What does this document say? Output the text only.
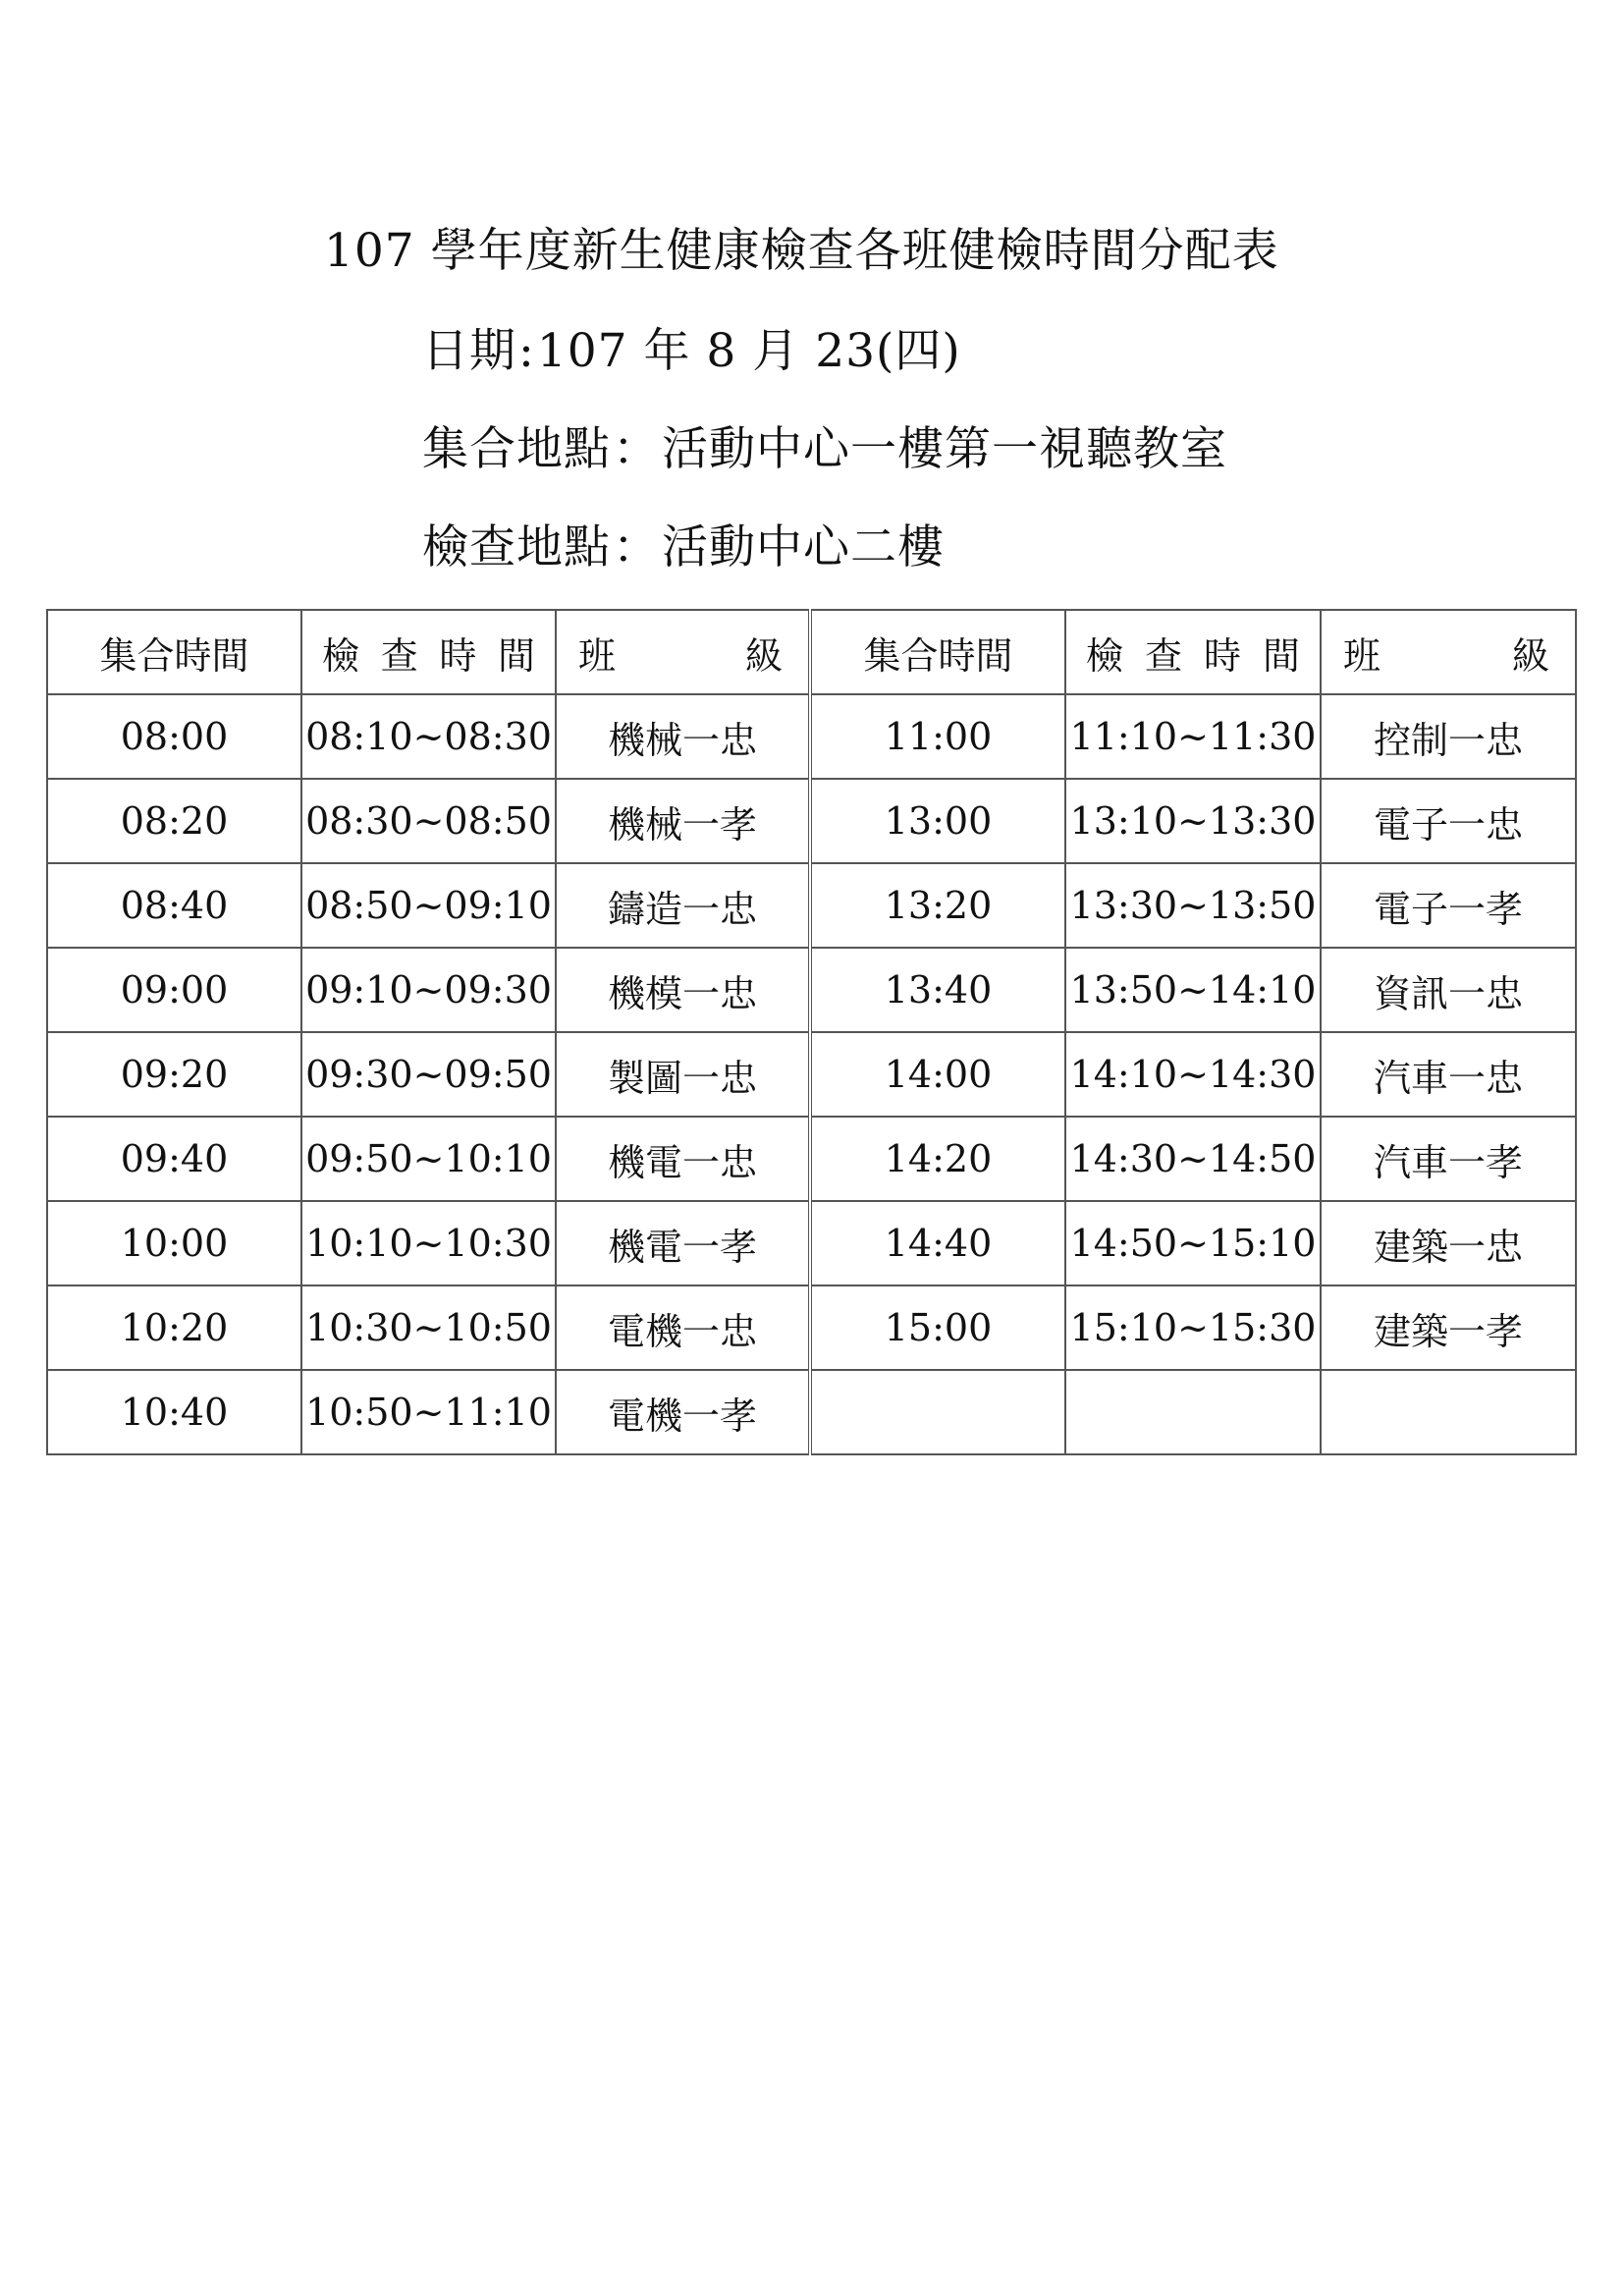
107 學年度新生健康檢查各班健檢時間分配表
日期:107 年 8 月 23(四)
集合地點：活動中心一樓第一視聽教室
檢查地點：活動中心二樓
集合時間	檢 查 時 間	班 級	集合時間	檢 查 時 間	班 級

08:00	08:10~08:30	機械一忠	11:00	11:10~11:30	控制一忠
08:20	08:30~08:50	機械一孝	13:00	13:10~13:30	電子一忠
08:40	08:50~09:10	鑄造一忠	13:20	13:30~13:50	電子一孝
09:00	09:10~09:30	機模一忠	13:40	13:50~14:10	資訊一忠
09:20	09:30~09:50	製圖一忠	14:00	14:10~14:30	汽車一忠
09:40	09:50~10:10	機電一忠	14:20	14:30~14:50	汽車一孝
10:00	10:10~10:30	機電一孝	14:40	14:50~15:10	建築一忠
10:20	10:30~10:50	電機一忠	15:00	15:10~15:30	建築一孝
10:40	10:50~11:10	電機一孝			
